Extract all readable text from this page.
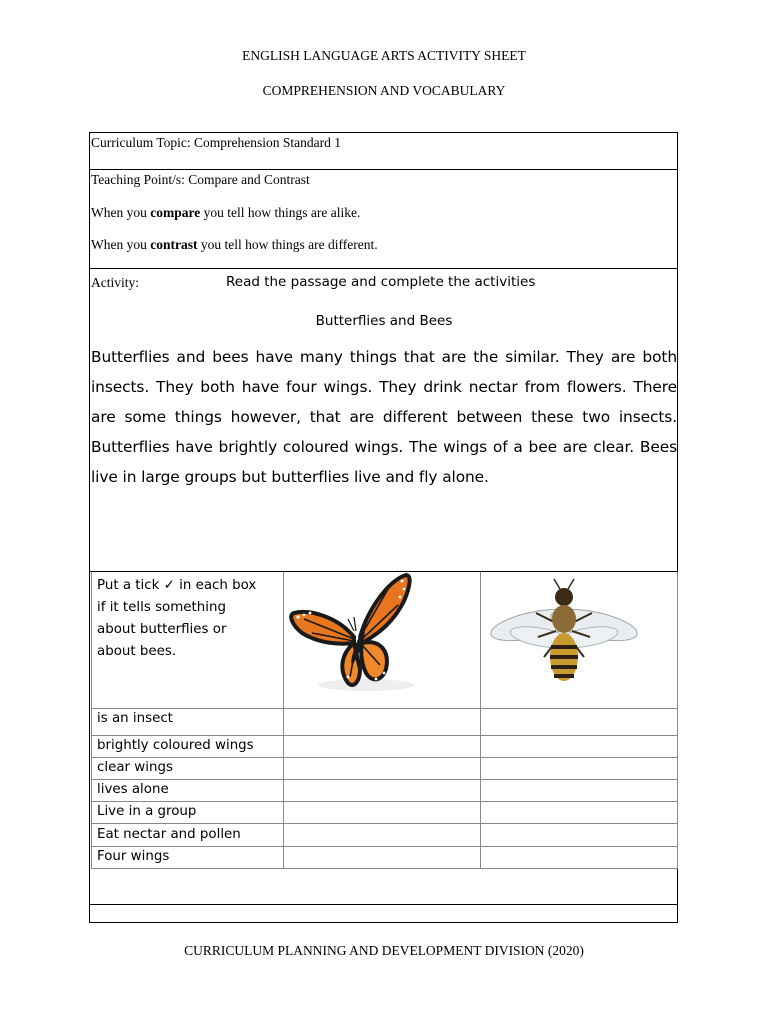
ENGLISH LANGUAGE ARTS ACTIVITY SHEET
COMPREHENSION AND VOCABULARY
Curriculum Topic: Comprehension Standard 1
Teaching Point/s: Compare and Contrast
When you compare you tell how things are alike.
When you contrast you tell how things are different.
Activity:	Read the passage and complete the activities
Butterflies and Bees
Butterflies and bees have many things that are the similar. They are both insects. They both have four wings. They drink nectar from flowers. There are some things however, that are different between these two insects. Butterflies have brightly coloured wings. The wings of a bee are clear. Bees live in large groups but butterflies live and fly alone.
Put a tick ✓ in each box
if it tells something
about butterflies or
about bees.
is an insect
brightly coloured wings
clear wings
lives alone
Live in a group
Eat nectar and pollen
Four wings
CURRICULUM PLANNING AND DEVELOPMENT DIVISION (2020)
